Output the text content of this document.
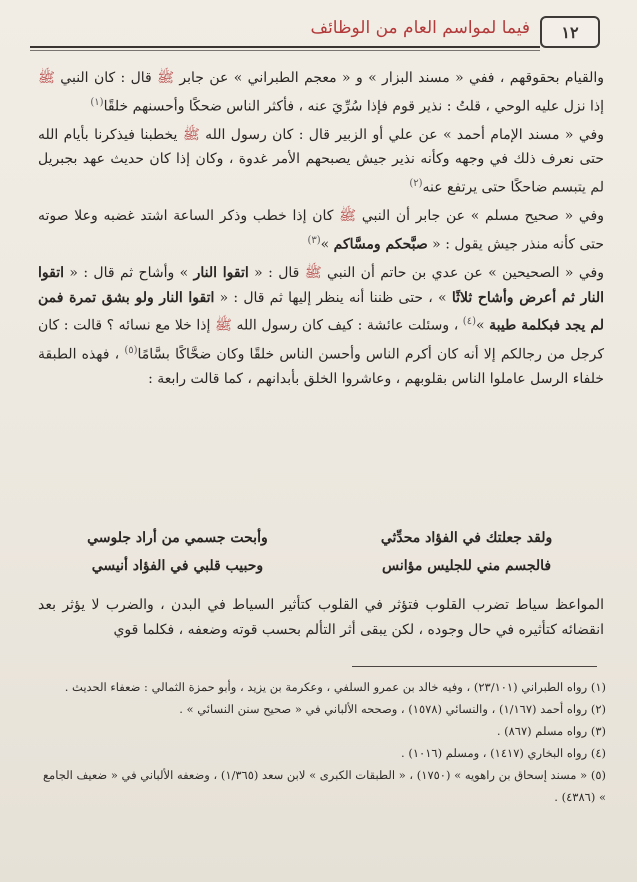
١٢
فيما لمواسم العام من الوظائف

والقيام بحقوقهم ، ففي « مسند البزار » و « معجم الطبراني » عن جابر ﷺ قال : كان النبي ﷺ إذا نزل عليه الوحي ، قلتُ : نذير قوم فإذا سُرِّيَ عنه ، فأكثر الناس ضحكًا وأحسنهم خلقًا$^{(١)}$

وفي « مسند الإمام أحمد » عن علي أو الزبير قال : كان رسول الله ﷺ يخطبنا فيذكرنا بأيام الله حتى نعرف ذلك في وجهه وكأنه نذير جيش يصبحهم الأمر غدوة ، وكان إذا كان حديث عهد بجبريل لم يتبسم ضاحكًا حتى يرتفع عنه$^{(٢)}$

وفي « صحيح مسلم » عن جابر أن النبي ﷺ كان إذا خطب وذكر الساعة اشتد غضبه وعلا صوته حتى كأنه منذر جيش يقول : « صبَّحكم ومسَّاكم »$^{(٣)}$

وفي « الصحيحين » عن عدي بن حاتم أن النبي ﷺ قال : « اتقوا النار » وأشاح ثم قال : « اتقوا النار ثم أعرض وأشاح ثلاثًا » ، حتى ظننا أنه ينظر إليها ثم قال : « اتقوا النار ولو بشق تمرة فمن لم يجد فبكلمة طيبة »$^{(٤)}$ ، وسئلت عائشة : كيف كان رسول الله ﷺ إذا خلا مع نسائه ؟ قالت : كان كرجل من رجالكم إلا أنه كان أكرم الناس وأحسن الناس خلقًا وكان ضحَّاكًا بسَّامًا$^{(٥)}$ ، فهذه الطبقة خلفاء الرسل عاملوا الناس بقلوبهم ، وعاشروا الخلق بأبدانهم ، كما قالت رابعة :

ولقد جعلتك في الفؤاد محدِّثي
وأبحت جسمي من أراد جلوسي
فالجسم مني للجليس مؤانس
وحبيب قلبي في الفؤاد أنيسي
المواعظ سياط تضرب القلوب فتؤثر في القلوب كتأثير السياط في البدن ، والضرب لا يؤثر بعد انقضائه كتأثيره في حال وجوده ، لكن يبقى أثر التألم بحسب قوته وضعفه ، فكلما قوي
(١) رواه الطبراني (٢٣/١٠١) ، وفيه خالد بن عمرو السلفي ، وعكرمة بن يزيد ، وأبو حمزة الثمالي : ضعفاء الحديث .
(٢) رواه أحمد (١/١٦٧) ، والنسائي (١٥٧٨) ، وصححه الألباني في « صحيح سنن النسائي » .
(٣) رواه مسلم (٨٦٧) .
(٤) رواه البخاري (١٤١٧) ، ومسلم (١٠١٦) .
(٥) « مسند إسحاق بن راهويه » (١٧٥٠) ، « الطبقات الكبرى » لابن سعد (١/٣٦٥) ، وضعفه الألباني في « ضعيف الجامع » (٤٣٨٦) .
